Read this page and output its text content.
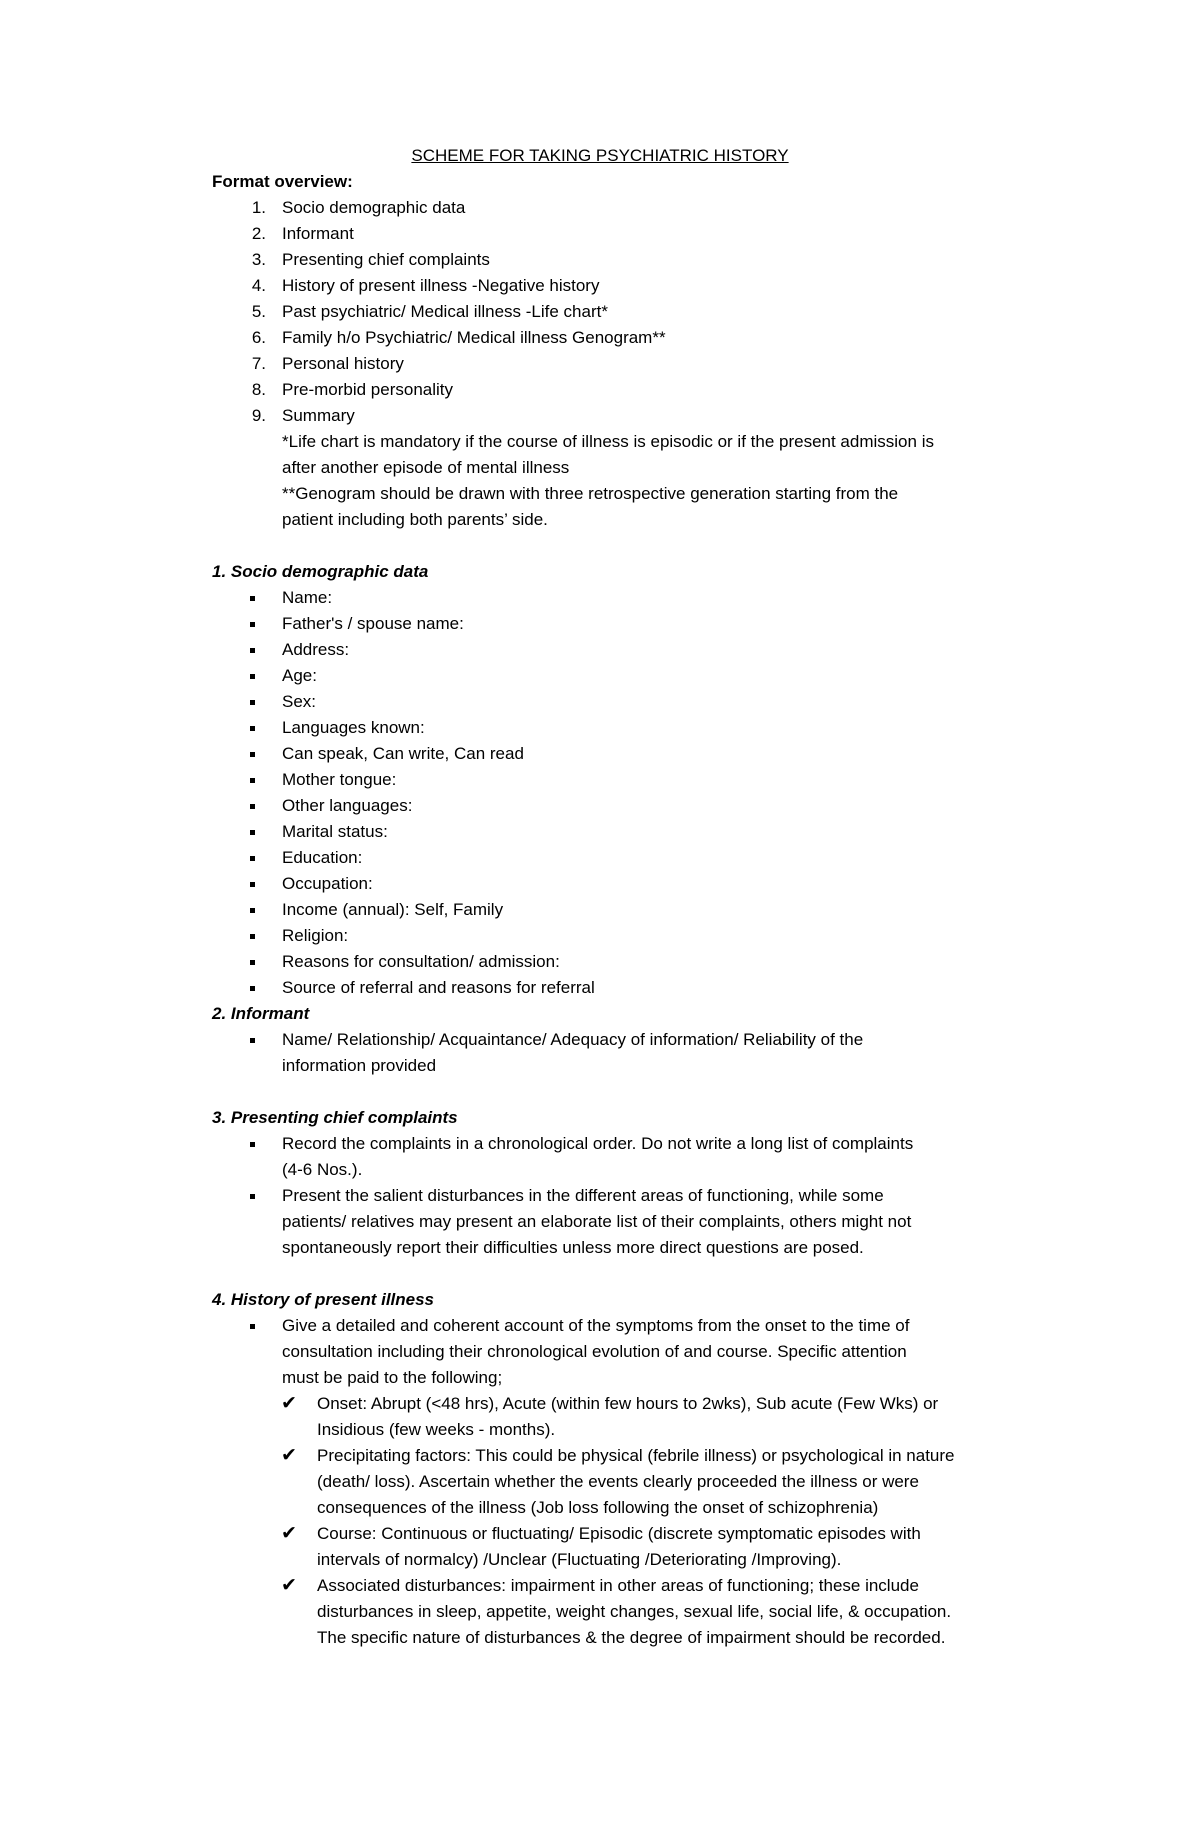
SCHEME FOR TAKING PSYCHIATRIC HISTORY
Format overview:
1. Socio demographic data
2. Informant
3. Presenting chief complaints
4. History of present illness -Negative history
5. Past psychiatric/ Medical illness -Life chart*
6. Family h/o Psychiatric/ Medical illness Genogram**
7. Personal history
8. Pre-morbid personality
9. Summary
*Life chart is mandatory if the course of illness is episodic or if the present admission is
after another episode of mental illness
**Genogram should be drawn with three retrospective generation starting from the
patient including both parents’ side.
1. Socio demographic data
Name:
Father's / spouse name:
Address:
Age:
Sex:
Languages known:
Can speak, Can write, Can read
Mother tongue:
Other languages:
Marital status:
Education:
Occupation:
Income (annual): Self, Family
Religion:
Reasons for consultation/ admission:
Source of referral and reasons for referral
2. Informant
Name/ Relationship/ Acquaintance/ Adequacy of information/ Reliability of the
information provided
3. Presenting chief complaints
Record the complaints in a chronological order. Do not write a long list of complaints
(4-6 Nos.).
Present the salient disturbances in the different areas of functioning, while some
patients/ relatives may present an elaborate list of their complaints, others might not
spontaneously report their difficulties unless more direct questions are posed.
4. History of present illness
Give a detailed and coherent account of the symptoms from the onset to the time of
consultation including their chronological evolution of and course. Specific attention
must be paid to the following;
✔ Onset: Abrupt (<48 hrs), Acute (within few hours to 2wks), Sub acute (Few Wks) or
Insidious (few weeks - months).
✔ Precipitating factors: This could be physical (febrile illness) or psychological in nature
(death/ loss). Ascertain whether the events clearly proceeded the illness or were
consequences of the illness (Job loss following the onset of schizophrenia)
✔ Course: Continuous or fluctuating/ Episodic (discrete symptomatic episodes with
intervals of normalcy) /Unclear (Fluctuating /Deteriorating /Improving).
✔ Associated disturbances: impairment in other areas of functioning; these include
disturbances in sleep, appetite, weight changes, sexual life, social life, & occupation.
The specific nature of disturbances & the degree of impairment should be recorded.
